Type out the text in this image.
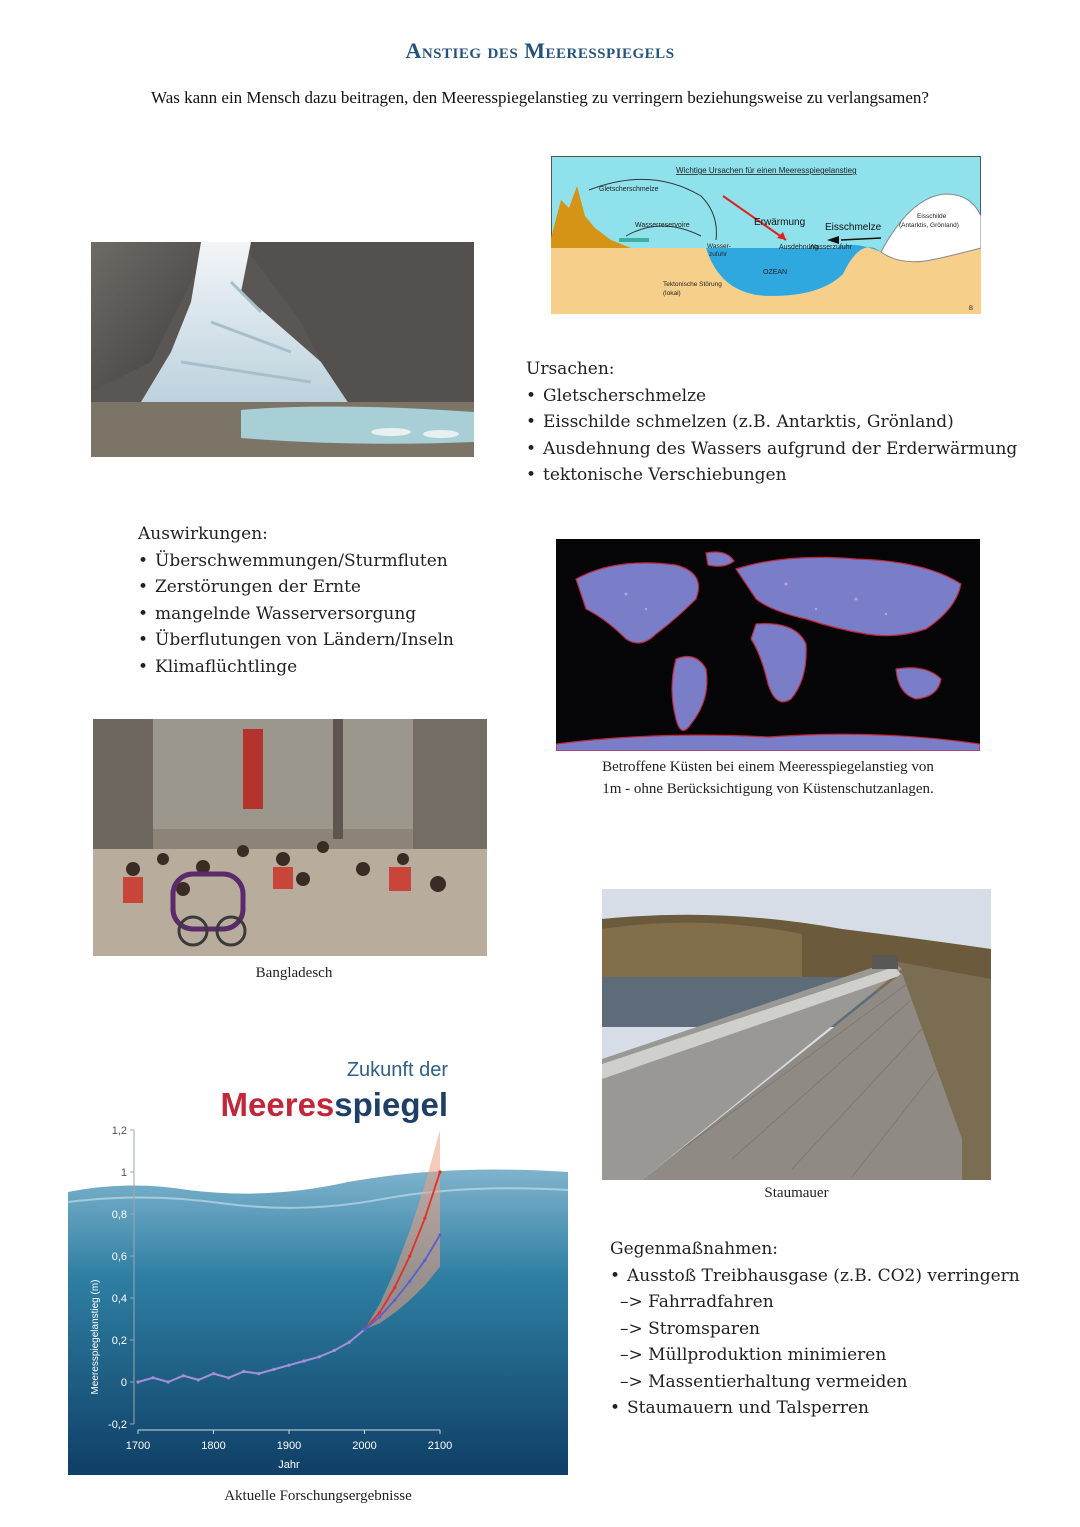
Anstieg des Meeresspiegels
Was kann ein Mensch dazu beitragen, den Meeresspiegelanstieg zu verringern beziehungsweise zu verlangsamen?
Wichtige Ursachen für einen Meeresspiegelanstieg
Gletscherschmelze
Wasserreservoire
Wasser-
zufuhr
Erwärmung Eisschmelze
Eisschilde
(Antarktis, Grönland)
Ausdehnung
Wasserzufuhr
OZEAN
Tektonische Störung
(lokal)
B
Ursachen:
• Gletscherschmelze
• Eisschilde schmelzen (z.B. Antarktis, Grönland)
• Ausdehnung des Wassers aufgrund der Erderwärmung
• tektonische Verschiebungen
Auswirkungen:
• Überschwemmungen/Sturmfluten
• Zerstörungen der Ernte
• mangelnde Wasserversorgung
• Überflutungen von Ländern/Inseln
• Klimaflüchtlinge
Betroffene Küsten bei einem Meeresspiegelanstieg von
1m - ohne Berücksichtigung von Küstenschutzanlagen.
Bangladesch
Staumauer
Zukunft der
Meeresspiegel
-0,2
0
0,2
0,4
0,6
0,8
1
1,2
1700	1800	1900	2000	2100
Meeresspiegelanstieg (m)
Jahr
Aktuelle Forschungsergebnisse
Gegenmaßnahmen:
• Ausstoß Treibhausgase (z.B. CO2) verringern
–> Fahrradfahren
–> Stromsparen
–> Müllproduktion minimieren
–> Massentierhaltung vermeiden
• Staumauern und Talsperren
